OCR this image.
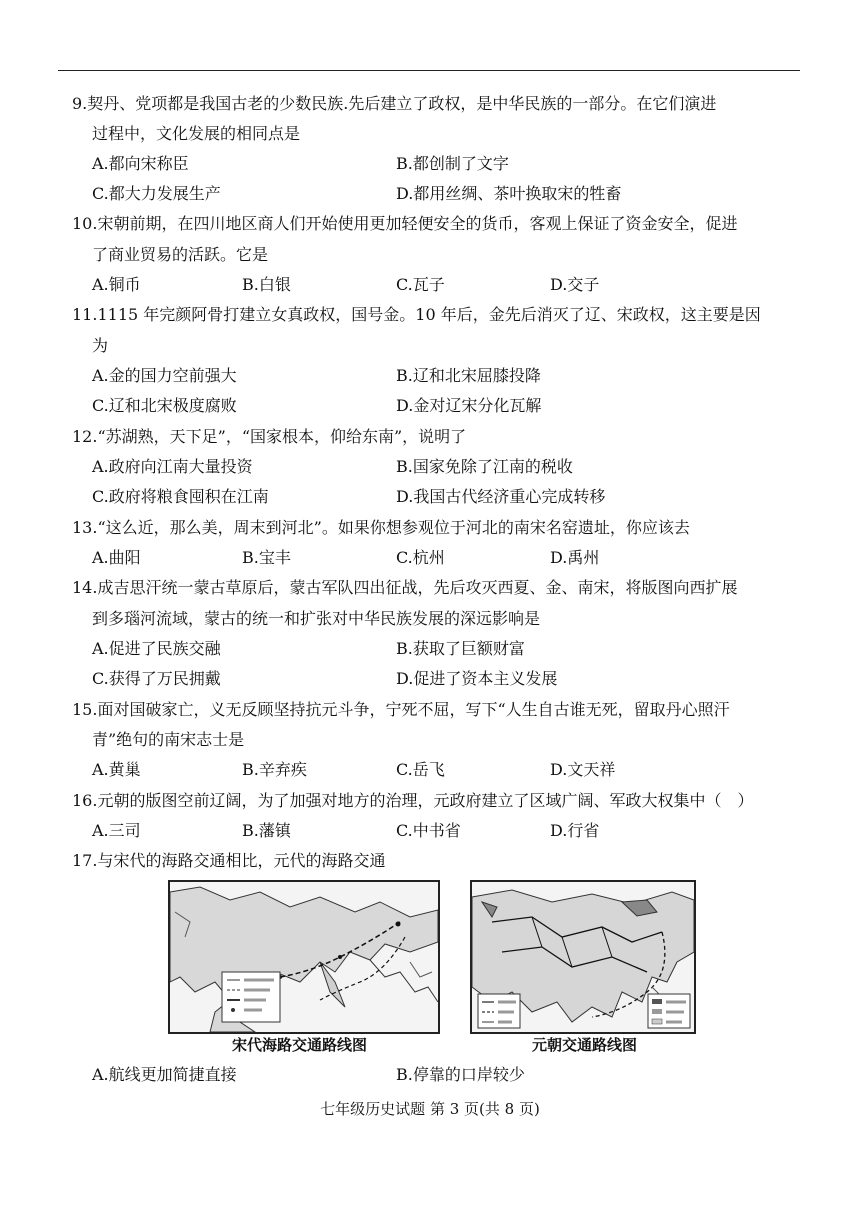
9.契丹、党项都是我国古老的少数民族.先后建立了政权，是中华民族的一部分。在它们演进
过程中，文化发展的相同点是
A.都向宋称臣	B.都创制了文字
C.都大力发展生产	D.都用丝绸、茶叶换取宋的牲畜
10.宋朝前期，在四川地区商人们开始使用更加轻便安全的货币，客观上保证了资金安全，促进
了商业贸易的活跃。它是
A.铜币	B.白银	C.瓦子	D.交子
11.1115 年完颜阿骨打建立女真政权，国号金。10 年后，金先后消灭了辽、宋政权，这主要是因
为
A.金的国力空前强大	B.辽和北宋屈膝投降
C.辽和北宋极度腐败	D.金对辽宋分化瓦解
12.“苏湖熟，天下足”，“国家根本，仰给东南”，说明了
A.政府向江南大量投资	B.国家免除了江南的税收
C.政府将粮食囤积在江南	D.我国古代经济重心完成转移
13.“这么近，那么美，周末到河北”。如果你想参观位于河北的南宋名窑遗址，你应该去
A.曲阳	B.宝丰	C.杭州	D.禹州
14.成吉思汗统一蒙古草原后，蒙古军队四出征战，先后攻灭西夏、金、南宋，将版图向西扩展
到多瑙河流域，蒙古的统一和扩张对中华民族发展的深远影响是
A.促进了民族交融	B.获取了巨额财富
C.获得了万民拥戴	D.促进了资本主义发展
15.面对国破家亡，义无反顾坚持抗元斗争，宁死不屈，写下“人生自古谁无死，留取丹心照汗
青”绝句的南宋志士是
A.黄巢	B.辛弃疾	C.岳飞	D.文天祥
16.元朝的版图空前辽阔，为了加强对地方的治理，元政府建立了区域广阔、军政大权集中（　）
A.三司	B.藩镇	C.中书省	D.行省
17.与宋代的海路交通相比，元代的海路交通
宋代海路交通路线图	元朝交通路线图
A.航线更加简捷直接	B.停靠的口岸较少
七年级历史试题 第 3 页(共 8 页)
